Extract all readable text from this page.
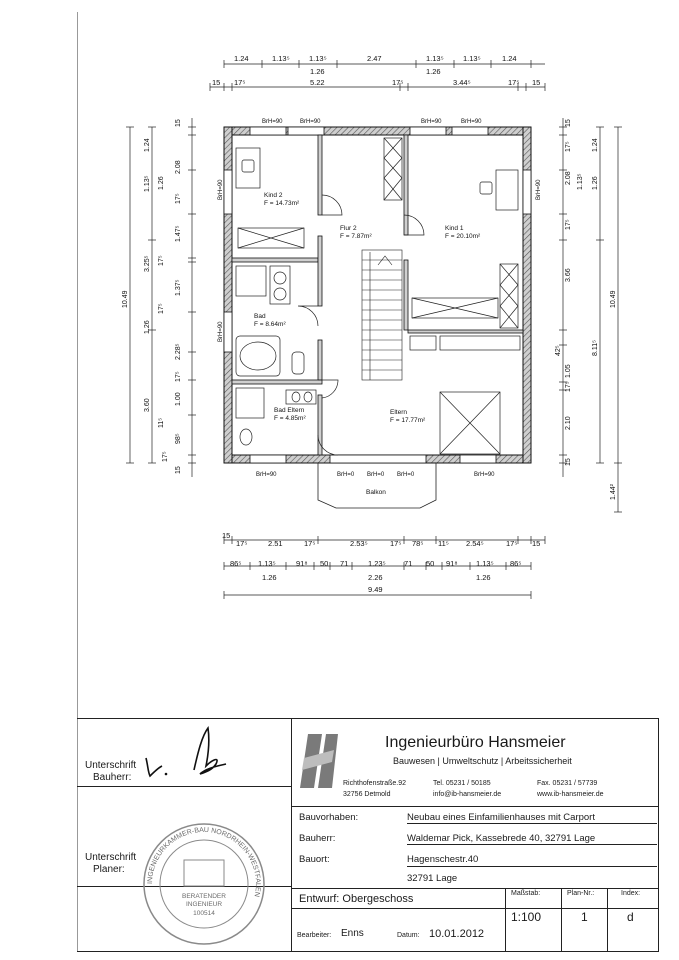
1.24	1.13⁵	1.13⁵	2.47	1.13⁵	1.13⁵	1.24
1.26	1.26
15 17⁵	5.22	17⁵	3.44⁵	17⁵ 15
BrH=90	BrH=90	BrH=90	BrH=90
BrH=90	BrH=0 BrH=0 BrH=0	BrH=90
BrH=90
BrH=90
BrH=90
Kind 2
F = 14.73m²
Flur 2
F = 7.87m²
Kind 1
F = 20.10m²
Bad
F = 8.64m²
Bad Eltern
F = 4.85m²
Eltern
F = 17.77m²
Balkon
10.49
3.25⁵
1.26
3.60
15
1.24
2.08
1.13⁵ 1.26
17⁵
1.47⁵
17⁵
1.37⁵
17⁵
2.28⁵
17⁵
1.00
11⁵
98⁵
17⁵
15
15
17⁵
2.08
1.24
1.13⁵ 1.26
17⁵
3.66
42⁵
1.05
17⁵
2.10
15
8.11⁵
10.49
1.44²
15
17⁵	2.51	17⁵	2.53⁵	17⁵ 78⁵ 11⁵ 2.54⁵	17⁵ 15
86⁵ 1.13⁵	91⁸ 50 71	1.23⁵ 71 50 91⁸ 1.13⁵ 86⁵
1.26	2.26	1.26
9.49
Unterschrift
Bauherr:
Unterschrift
Planer:
Ingenieurbüro Hansmeier
Bauwesen | Umweltschutz | Arbeitssicherheit
Richthofenstraße.92
32756 Detmold
Tel. 05231 / 50185
info@ib-hansmeier.de
Fax. 05231 / 57739
www.ib-hansmeier.de
Bauvorhaben:	Neubau eines Einfamilienhauses mit Carport
Bauherr:	Waldemar Pick, Kassebrede 40, 32791 Lage
Bauort:	Hagenschestr.40
32791 Lage
Entwurf: Obergeschoss	Maßstab:
1:100
Plan-Nr.:
1
Index:
d
Bearbeiter: Enns	Datum: 10.01.2012
INGENIEURKAMMER-BAU NORDRHEIN-WESTFALEN
BERATENDER
INGENIEUR
100514
